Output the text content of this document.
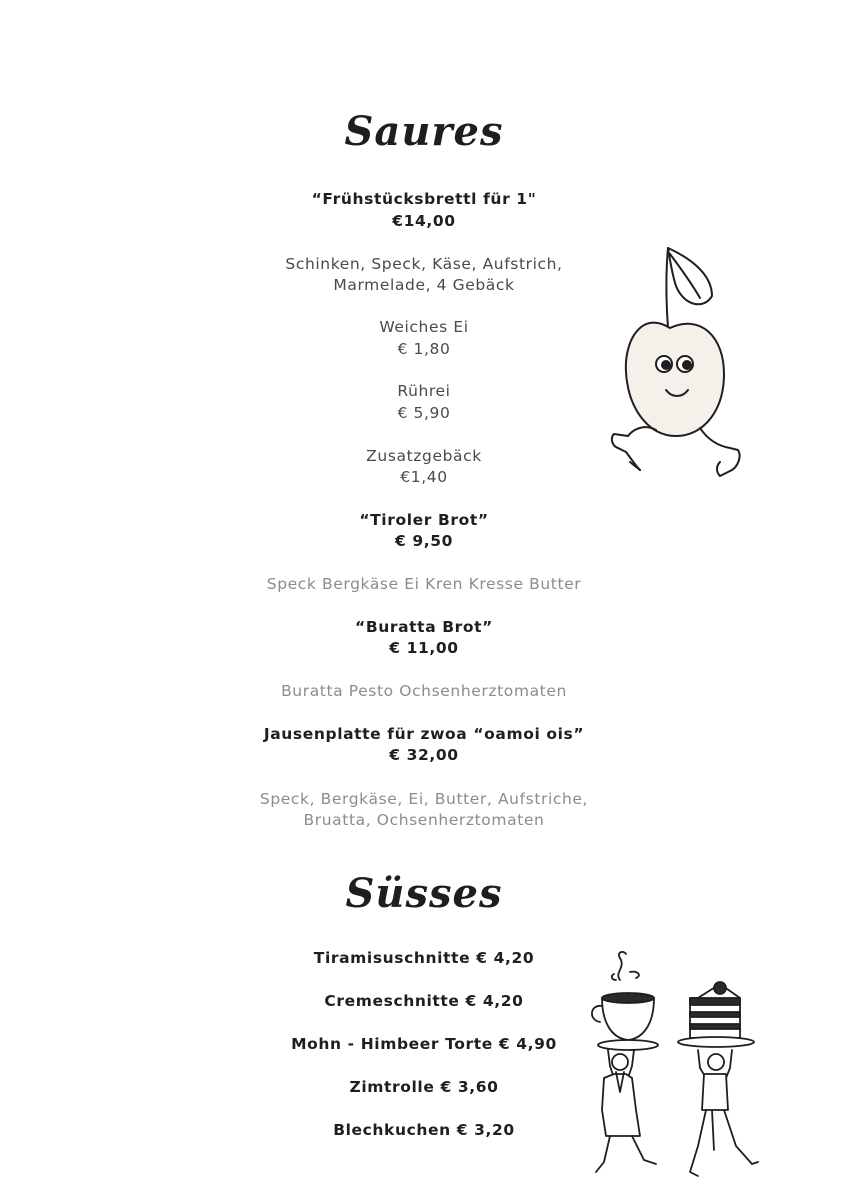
Saures
“Frühstücksbrettl für 1"
€14,00
Schinken, Speck, Käse, Aufstrich,
Marmelade, 4 Gebäck
Weiches Ei
€ 1,80
Rührei
€ 5,90
Zusatzgebäck
€1,40
“Tiroler Brot”
€ 9,50
Speck Bergkäse Ei Kren Kresse Butter
“Buratta Brot”
€ 11,00
Buratta Pesto Ochsenherztomaten
Jausenplatte für zwoa “oamoi ois”
€ 32,00
Speck, Bergkäse, Ei, Butter, Aufstriche,
Bruatta, Ochsenherztomaten
Süsses
Tiramisuschnitte € 4,20
Cremeschnitte € 4,20
Mohn - Himbeer Torte € 4,90
Zimtrolle € 3,60
Blechkuchen € 3,20
